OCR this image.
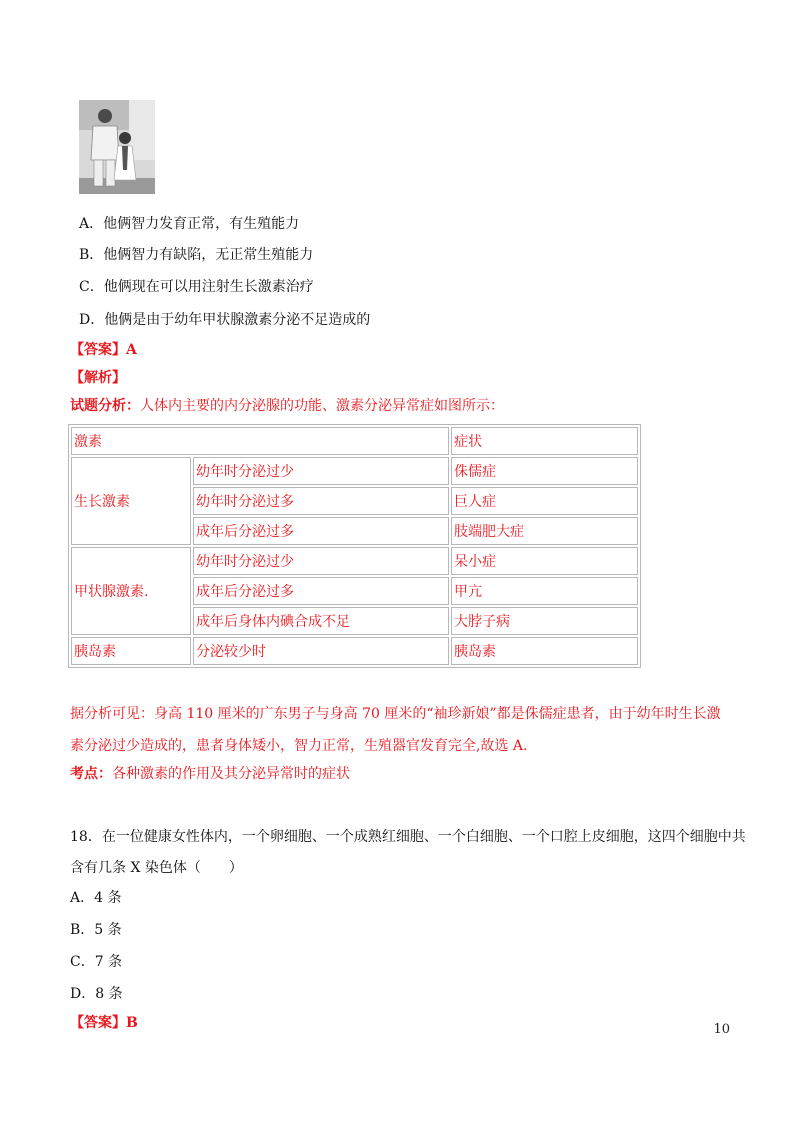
A．他俩智力发育正常，有生殖能力
B．他俩智力有缺陷，无正常生殖能力
C．他俩现在可以用注射生长激素治疗
D．他俩是由于幼年甲状腺激素分泌不足造成的
【答案】A
【解析】
试题分析：人体内主要的内分泌腺的功能、激素分泌异常症如图所示：
激素		症状
生长激素	幼年时分泌过少	侏儒症
	幼年时分泌过多	巨人症
	成年后分泌过多	肢端肥大症
甲状腺激素.	幼年时分泌过少	呆小症
	成年后分泌过多	甲亢
	成年后身体内碘合成不足	大脖子病
胰岛素	分泌较少时	胰岛素
据分析可见：身高 110 厘米的广东男子与身高 70 厘米的“袖珍新娘”都是侏儒症患者，由于幼年时生长激
素分泌过少造成的，患者身体矮小，智力正常，生殖器官发育完全,故选 A.
考点：各种激素的作用及其分泌异常时的症状
18．在一位健康女性体内，一个卵细胞、一个成熟红细胞、一个白细胞、一个口腔上皮细胞，这四个细胞中共
含有几条 X 染色体（　　）
A．4 条
B．5 条
C．7 条
D．8 条
【答案】B	10
